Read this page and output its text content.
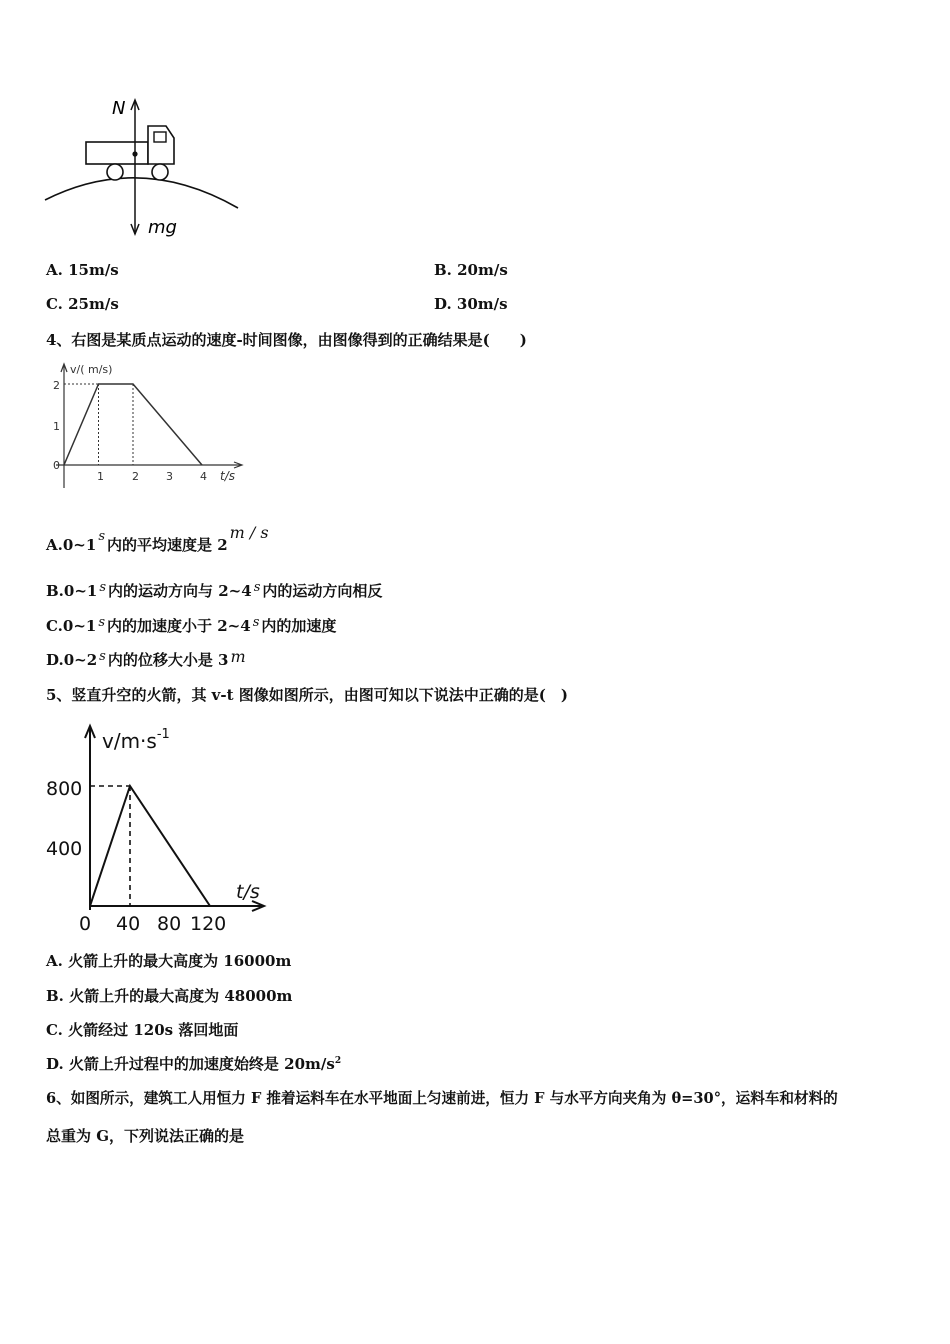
N
mg
A. 15m/s	B. 20m/s
C. 25m/s	D. 30m/s
4、右图是某质点运动的速度-时间图像，由图像得到的正确结果是(　　)
v/( m/s)
t/s
0
1
2
1	2 3 4
A.0~1 s 内的平均速度是 2m / s
B.0~1 s 内的运动方向与 2~4 s 内的运动方向相反
C.0~1 s 内的加速度小于 2~4 s 内的加速度
D.0~2 s 内的位移大小是 3 m
5、竖直升空的火箭，其 v-t 图像如图所示，由图可知以下说法中正确的是(　)
$v/m\cdot s^{-1}$
t/s
800
400
0 40 80 120
A. 火箭上升的最大高度为 16000m
B. 火箭上升的最大高度为 48000m
C. 火箭经过 120s 落回地面
D. 火箭上升过程中的加速度始终是 $20m/s^2$
6、如图所示，建筑工人用恒力 F 推着运料车在水平地面上匀速前进，恒力 F 与水平方向夹角为 θ=30°，运料车和材料的
总重为 G，下列说法正确的是
